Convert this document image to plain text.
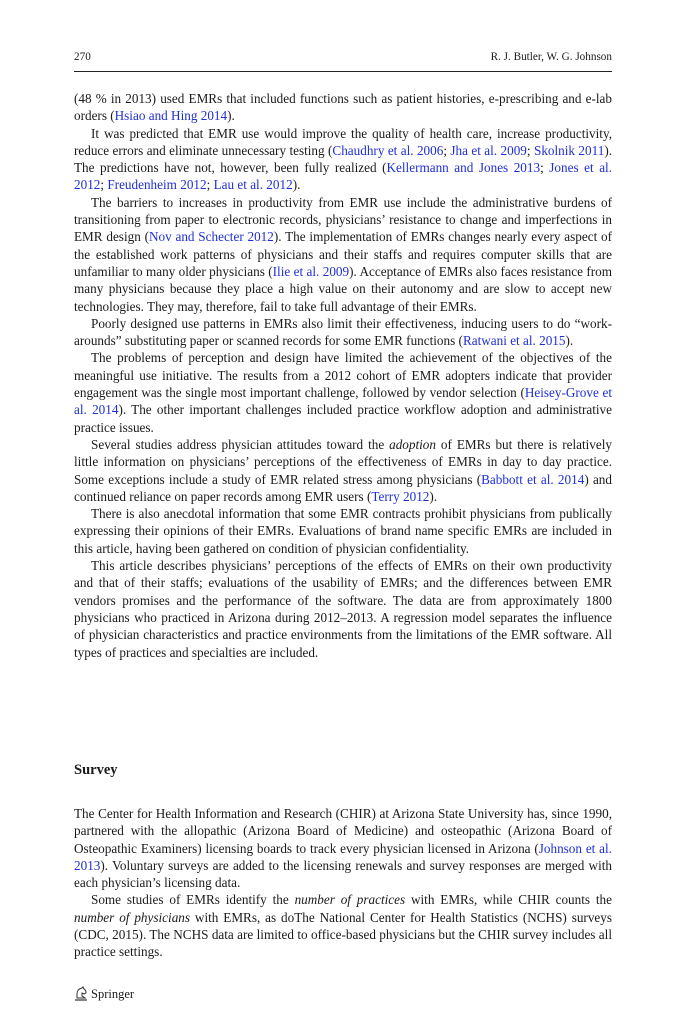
270	R. J. Butler, W. G. Johnson

(48 % in 2013) used EMRs that included functions such as patient histories, e-prescribing and e-lab orders (Hsiao and Hing 2014).

It was predicted that EMR use would improve the quality of health care, increase productivity, reduce errors and eliminate unnecessary testing (Chaudhry et al. 2006; Jha et al. 2009; Skolnik 2011). The predictions have not, however, been fully realized (Kellermann and Jones 2013; Jones et al. 2012; Freudenheim 2012; Lau et al. 2012).

The barriers to increases in productivity from EMR use include the administrative burdens of transitioning from paper to electronic records, physicians’ resistance to change and imperfections in EMR design (Nov and Schecter 2012). The implementation of EMRs changes nearly every aspect of the established work patterns of physicians and their staffs and requires computer skills that are unfamiliar to many older physicians (Ilie et al. 2009). Acceptance of EMRs also faces resistance from many physicians because they place a high value on their autonomy and are slow to accept new technologies. They may, therefore, fail to take full advantage of their EMRs.

Poorly designed use patterns in EMRs also limit their effectiveness, inducing users to do “work-arounds” substituting paper or scanned records for some EMR functions (Ratwani et al. 2015).

The problems of perception and design have limited the achievement of the objectives of the meaningful use initiative. The results from a 2012 cohort of EMR adopters indicate that provider engagement was the single most important challenge, followed by vendor selection (Heisey-Grove et al. 2014). The other important challenges included practice workflow adoption and administrative practice issues.

Several studies address physician attitudes toward the adoption of EMRs but there is relatively little information on physicians’ perceptions of the effectiveness of EMRs in day to day practice. Some exceptions include a study of EMR related stress among physicians (Babbott et al. 2014) and continued reliance on paper records among EMR users (Terry 2012).

There is also anecdotal information that some EMR contracts prohibit physicians from publically expressing their opinions of their EMRs. Evaluations of brand name specific EMRs are included in this article, having been gathered on condition of physician confidentiality.

This article describes physicians’ perceptions of the effects of EMRs on their own productivity and that of their staffs; evaluations of the usability of EMRs; and the differences between EMR vendors promises and the performance of the software. The data are from approximately 1800 physicians who practiced in Arizona during 2012–2013. A regression model separates the influence of physician characteristics and practice environments from the limitations of the EMR software. All types of practices and specialties are included.

Survey

The Center for Health Information and Research (CHIR) at Arizona State University has, since 1990, partnered with the allopathic (Arizona Board of Medicine) and osteopathic (Arizona Board of Osteopathic Examiners) licensing boards to track every physician licensed in Arizona (Johnson et al. 2013). Voluntary surveys are added to the licensing renewals and survey responses are merged with each physician’s licensing data.

Some studies of EMRs identify the number of practices with EMRs, while CHIR counts the number of physicians with EMRs, as doThe National Center for Health Statistics (NCHS) surveys (CDC, 2015). The NCHS data are limited to office-based physicians but the CHIR survey includes all practice settings.

Springer
